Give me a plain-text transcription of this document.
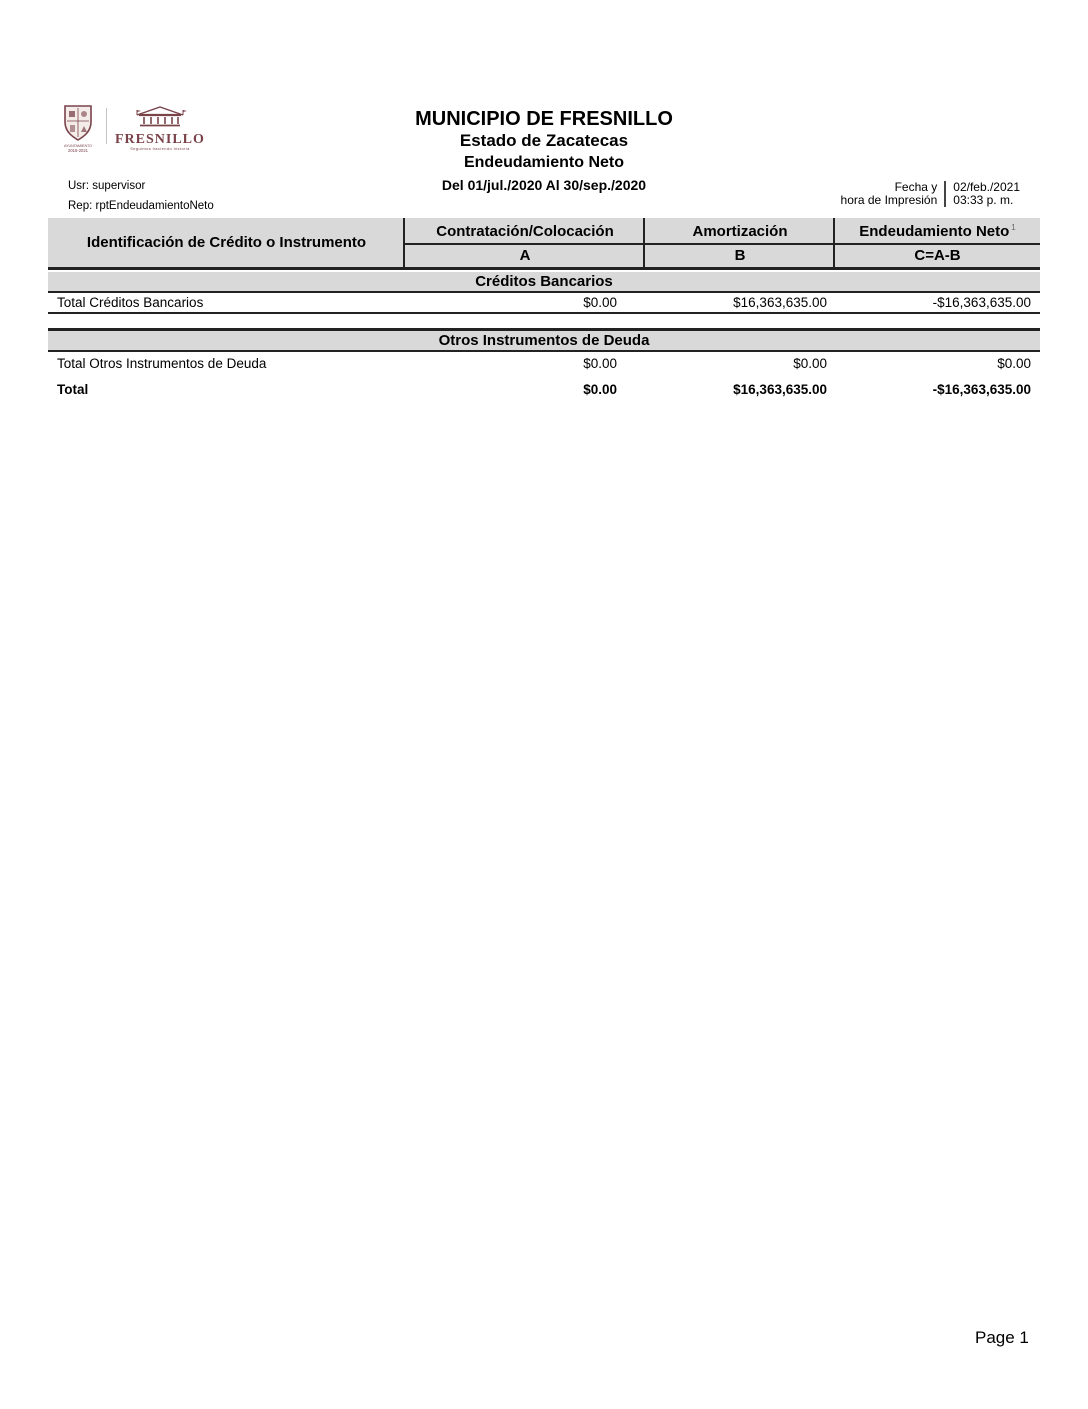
AYUNTAMIENTO
2018-2021
FRESNILLO
Seguimos haciendo historia
MUNICIPIO DE FRESNILLO
Estado de Zacatecas
Endeudamiento Neto
Del 01/jul./2020 Al 30/sep./2020
Usr: supervisor
Rep: rptEndeudamientoNeto
Fecha y
hora de Impresión
02/feb./2021
03:33 p. m.
Identificación de Crédito o Instrumento
Contratación/Colocación	Amortización	Endeudamiento Neto $^1$
A	B	C=A-B
Créditos Bancarios
Total Créditos Bancarios	$0.00	$16,363,635.00	-$16,363,635.00
Otros Instrumentos de Deuda
Total Otros Instrumentos de Deuda	$0.00	$0.00	$0.00
Total	$0.00	$16,363,635.00	-$16,363,635.00
Page 1
